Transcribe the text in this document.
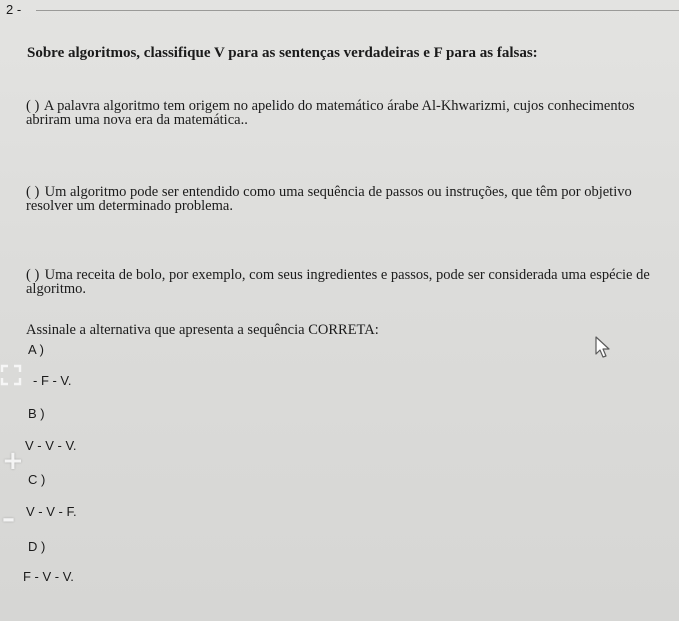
2 -
Sobre algoritmos, classifique V para as sentenças verdadeiras e F para as falsas:
( ) A palavra algoritmo tem origem no apelido do matemático árabe Al-Khwarizmi, cujos conhecimentos
abriram uma nova era da matemática..
( ) Um algoritmo pode ser entendido como uma sequência de passos ou instruções, que têm por objetivo
resolver um determinado problema.
( ) Uma receita de bolo, por exemplo, com seus ingredientes e passos, pode ser considerada uma espécie de
algoritmo.
Assinale a alternativa que apresenta a sequência CORRETA:
A )
- F - V.
B )
V - V - V.
C )
V - V - F.
D )
F - V - V.
+
–
